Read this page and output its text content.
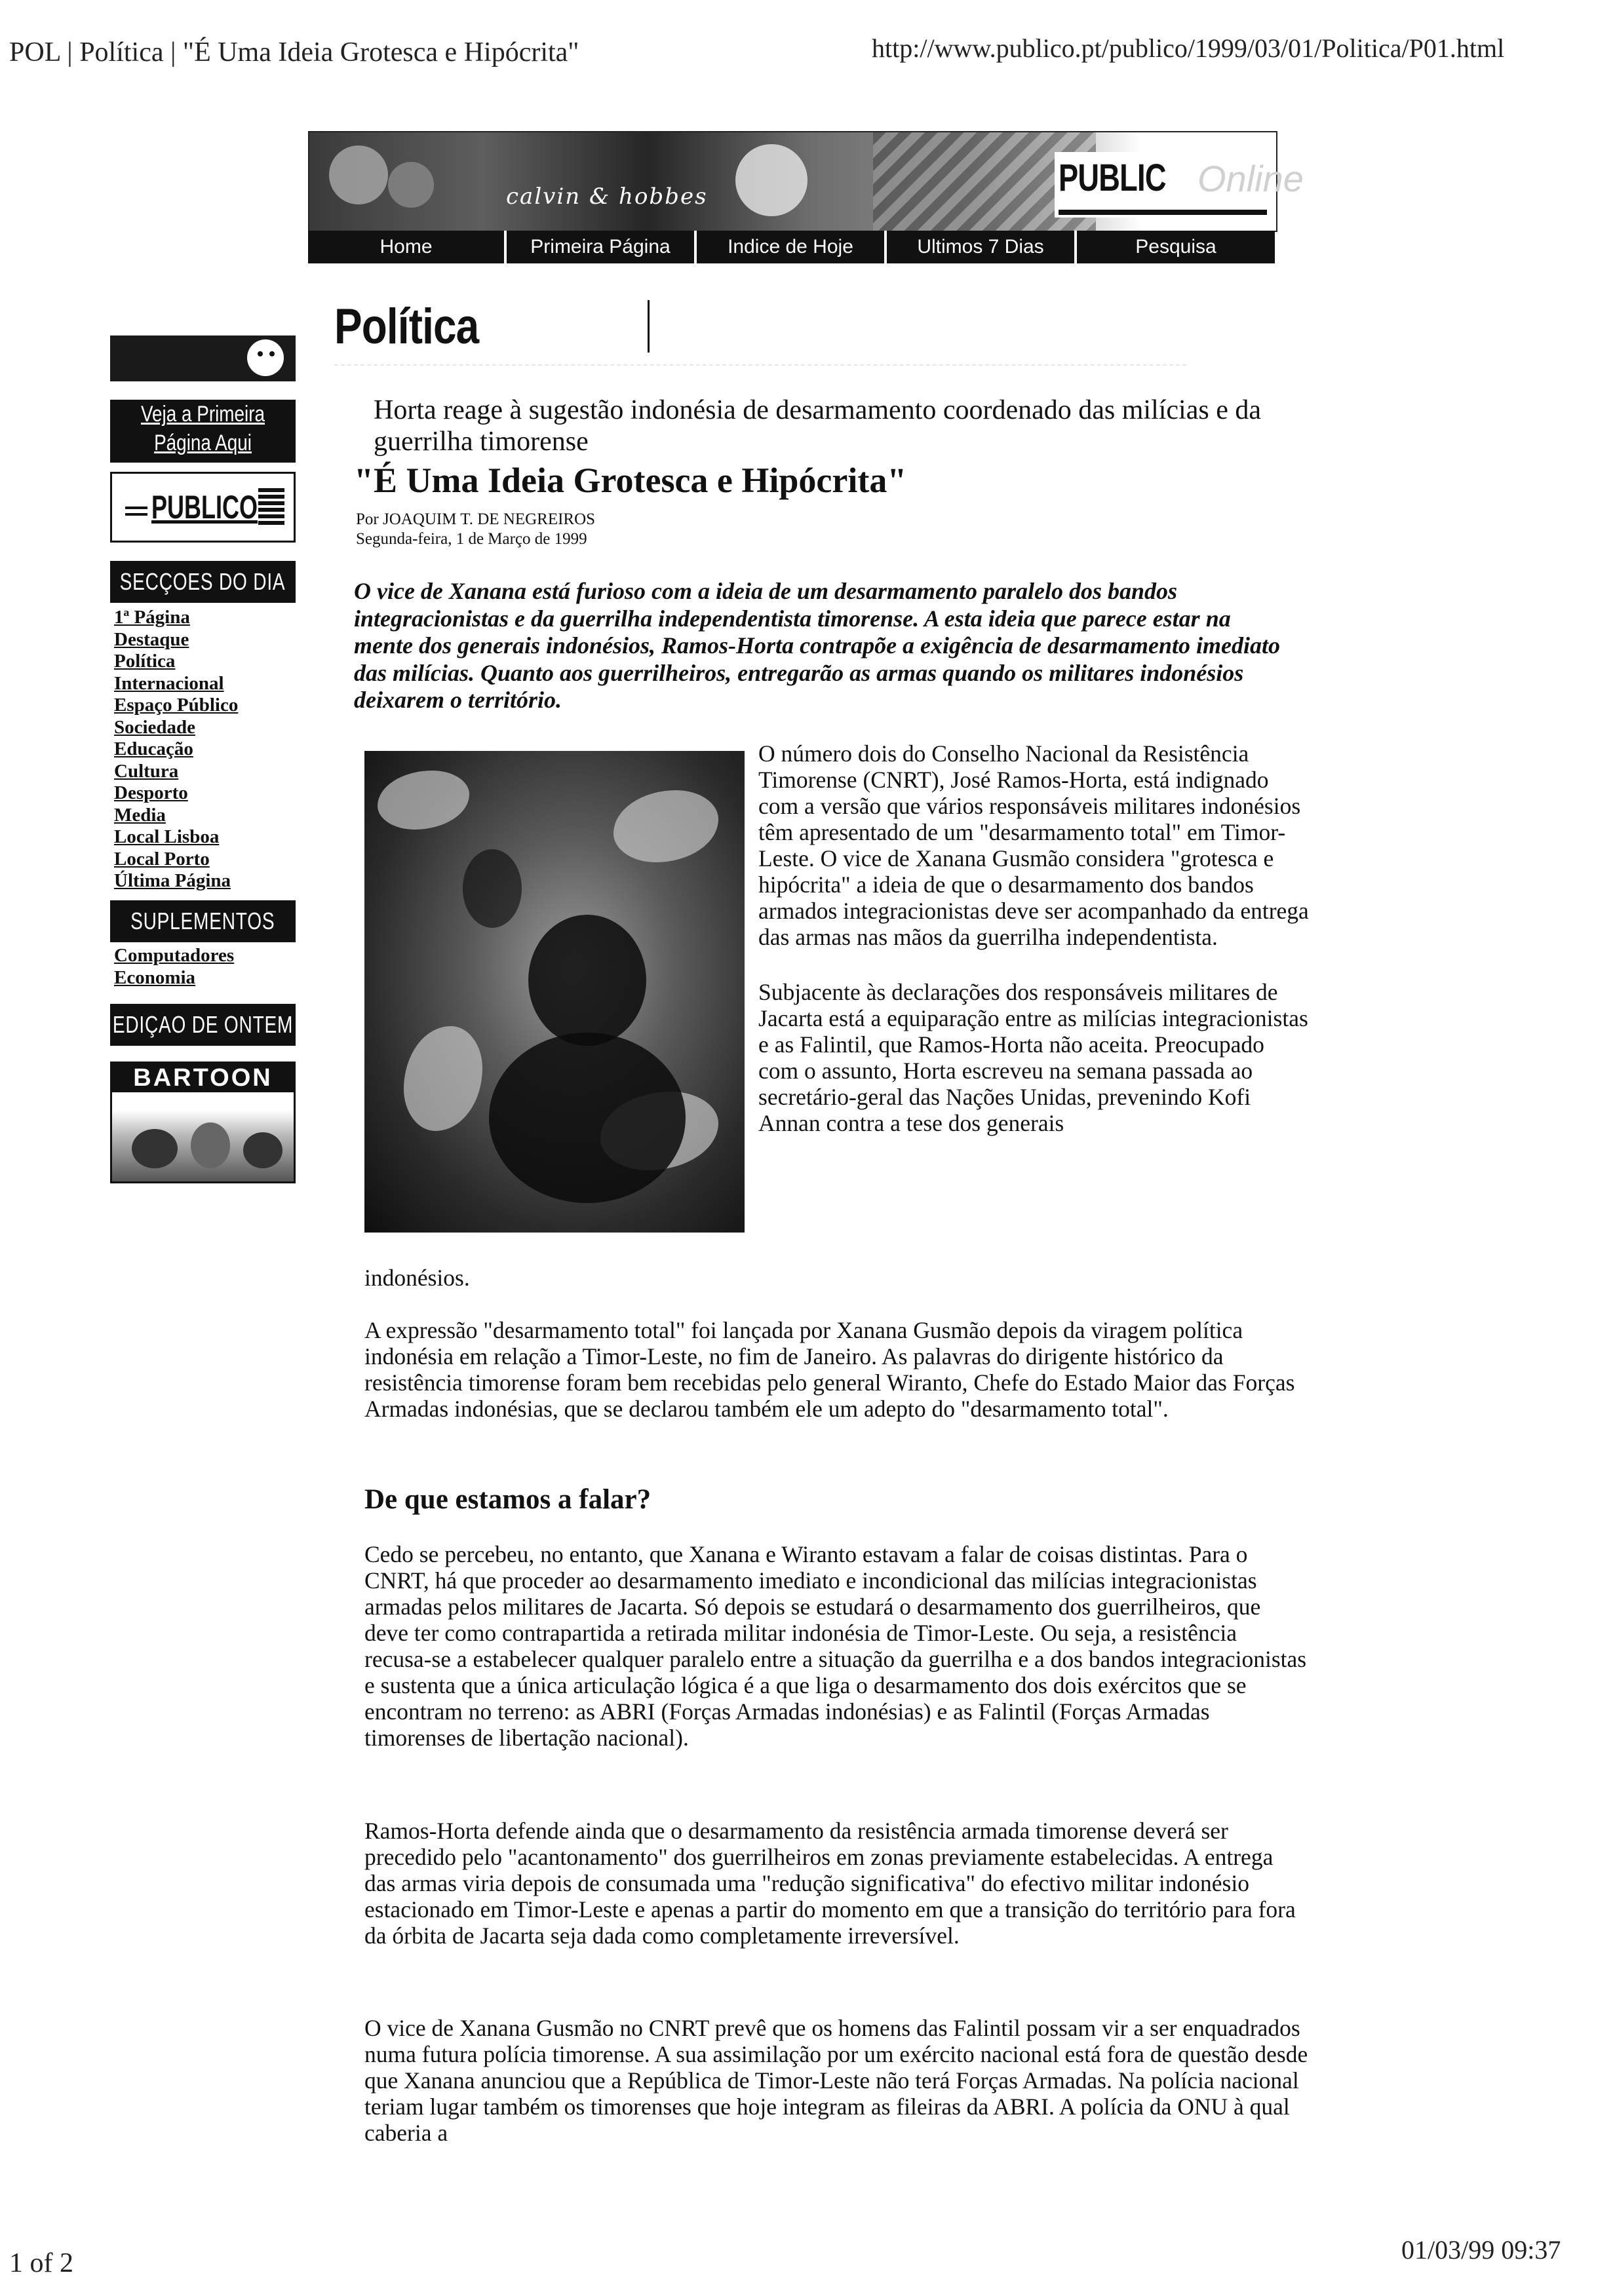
POL | Política | "É Uma Ideia Grotesca e Hipócrita"	http://www.publico.pt/publico/1999/03/01/Politica/P01.html
calvin & hobbes	PUBLIC Online
Home	Primeira Página	Indice de Hoje	Ultimos 7 Dias	Pesquisa
Política
Veja a Primeira
Página Aqui
PUBLICO
SECÇOES DO DIA
1ª Página
Destaque
Política
Internacional
Espaço Público
Sociedade
Educação
Cultura
Desporto
Media
Local Lisboa
Local Porto
Última Página
SUPLEMENTOS
Computadores
Economia
EDIÇAO DE ONTEM
BARTOON
Horta reage à sugestão indonésia de desarmamento coordenado das milícias e da guerrilha timorense
"É Uma Ideia Grotesca e Hipócrita"
Por JOAQUIM T. DE NEGREIROS
Segunda-feira, 1 de Março de 1999
O vice de Xanana está furioso com a ideia de um desarmamento paralelo dos bandos integracionistas e da guerrilha independentista timorense. A esta ideia que parece estar na mente dos generais indonésios, Ramos-Horta contrapõe a exigência de desarmamento imediato das milícias. Quanto aos guerrilheiros, entregarão as armas quando os militares indonésios deixarem o território.

O número dois do Conselho Nacional da Resistência Timorense (CNRT), José Ramos-Horta, está indignado com a versão que vários responsáveis militares indonésios têm apresentado de um "desarmamento total" em Timor-Leste. O vice de Xanana Gusmão considera "grotesca e hipócrita" a ideia de que o desarmamento dos bandos armados integracionistas deve ser acompanhado da entrega das armas nas mãos da guerrilha independentista.

Subjacente às declarações dos responsáveis militares de Jacarta está a equiparação entre as milícias integracionistas e as Falintil, que Ramos-Horta não aceita. Preocupado com o assunto, Horta escreveu na semana passada ao secretário-geral das Nações Unidas, prevenindo Kofi Annan contra a tese dos generais

indonésios.
A expressão "desarmamento total" foi lançada por Xanana Gusmão depois da viragem política indonésia em relação a Timor-Leste, no fim de Janeiro. As palavras do dirigente histórico da resistência timorense foram bem recebidas pelo general Wiranto, Chefe do Estado Maior das Forças Armadas indonésias, que se declarou também ele um adepto do "desarmamento total".
De que estamos a falar?
Cedo se percebeu, no entanto, que Xanana e Wiranto estavam a falar de coisas distintas. Para o CNRT, há que proceder ao desarmamento imediato e incondicional das milícias integracionistas armadas pelos militares de Jacarta. Só depois se estudará o desarmamento dos guerrilheiros, que deve ter como contrapartida a retirada militar indonésia de Timor-Leste. Ou seja, a resistência recusa-se a estabelecer qualquer paralelo entre a situação da guerrilha e a dos bandos integracionistas e sustenta que a única articulação lógica é a que liga o desarmamento dos dois exércitos que se encontram no terreno: as ABRI (Forças Armadas indonésias) e as Falintil (Forças Armadas timorenses de libertação nacional).
Ramos-Horta defende ainda que o desarmamento da resistência armada timorense deverá ser precedido pelo "acantonamento" dos guerrilheiros em zonas previamente estabelecidas. A entrega das armas viria depois de consumada uma "redução significativa" do efectivo militar indonésio estacionado em Timor-Leste e apenas a partir do momento em que a transição do território para fora da órbita de Jacarta seja dada como completamente irreversível.
O vice de Xanana Gusmão no CNRT prevê que os homens das Falintil possam vir a ser enquadrados numa futura polícia timorense. A sua assimilação por um exército nacional está fora de questão desde que Xanana anunciou que a República de Timor-Leste não terá Forças Armadas. Na polícia nacional teriam lugar também os timorenses que hoje integram as fileiras da ABRI. A polícia da ONU à qual caberia a
1 of 2	01/03/99 09:37
